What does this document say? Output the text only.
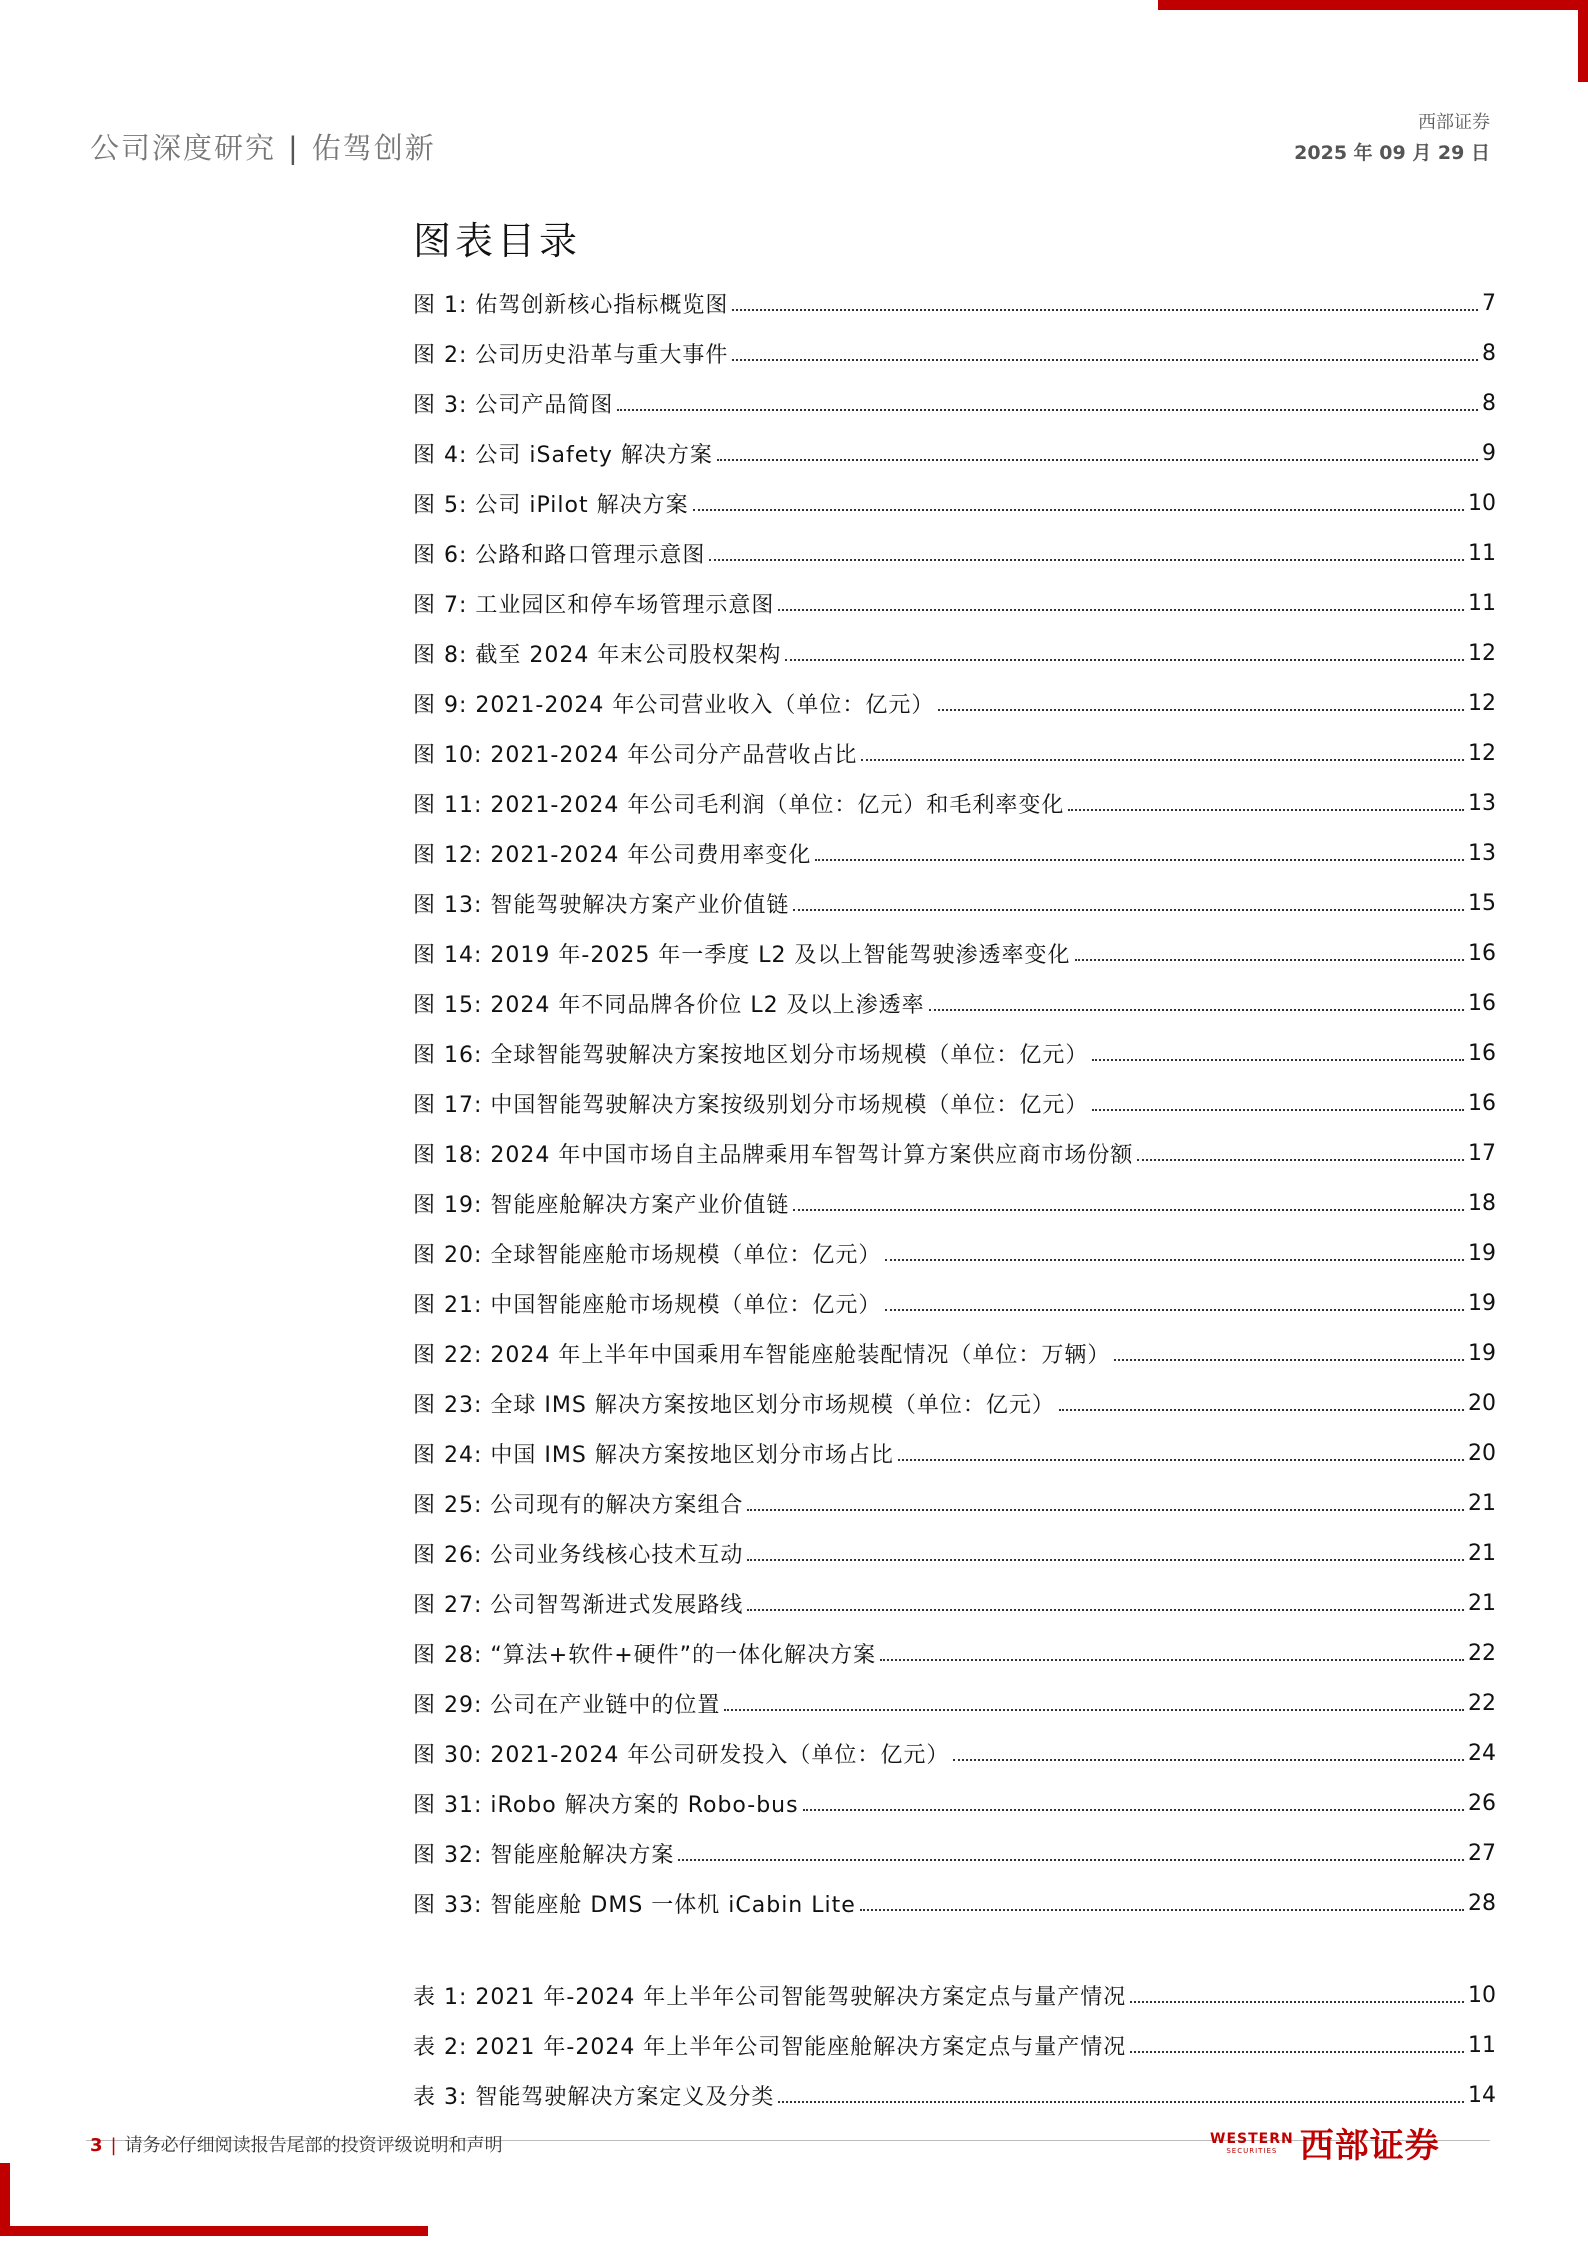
公司深度研究 | 佑驾创新
西部证券
2025 年 09 月 29 日
图表目录
图 1: 佑驾创新核心指标概览图	7
图 2: 公司历史沿革与重大事件	8
图 3: 公司产品简图	8
图 4: 公司 iSafety 解决方案	9
图 5: 公司 iPilot 解决方案	10
图 6: 公路和路口管理示意图	11
图 7: 工业园区和停车场管理示意图	11
图 8: 截至 2024 年末公司股权架构	12
图 9: 2021-2024 年公司营业收入（单位：亿元）	12
图 10: 2021-2024 年公司分产品营收占比	12
图 11: 2021-2024 年公司毛利润（单位：亿元）和毛利率变化	13
图 12: 2021-2024 年公司费用率变化	13
图 13: 智能驾驶解决方案产业价值链	15
图 14: 2019 年-2025 年一季度 L2 及以上智能驾驶渗透率变化	16
图 15: 2024 年不同品牌各价位 L2 及以上渗透率	16
图 16: 全球智能驾驶解决方案按地区划分市场规模（单位：亿元）	16
图 17: 中国智能驾驶解决方案按级别划分市场规模（单位：亿元）	16
图 18: 2024 年中国市场自主品牌乘用车智驾计算方案供应商市场份额	17
图 19: 智能座舱解决方案产业价值链	18
图 20: 全球智能座舱市场规模（单位：亿元）	19
图 21: 中国智能座舱市场规模（单位：亿元）	19
图 22: 2024 年上半年中国乘用车智能座舱装配情况（单位：万辆）	19
图 23: 全球 IMS 解决方案按地区划分市场规模（单位：亿元）	20
图 24: 中国 IMS 解决方案按地区划分市场占比	20
图 25: 公司现有的解决方案组合	21
图 26: 公司业务线核心技术互动	21
图 27: 公司智驾渐进式发展路线	21
图 28: “算法+软件+硬件”的一体化解决方案	22
图 29: 公司在产业链中的位置	22
图 30: 2021-2024 年公司研发投入（单位：亿元）	24
图 31: iRobo 解决方案的 Robo-bus	26
图 32: 智能座舱解决方案	27
图 33: 智能座舱 DMS 一体机 iCabin Lite	28
表 1: 2021 年-2024 年上半年公司智能驾驶解决方案定点与量产情况	10
表 2: 2021 年-2024 年上半年公司智能座舱解决方案定点与量产情况	11
表 3: 智能驾驶解决方案定义及分类	14
3 | 请务必仔细阅读报告尾部的投资评级说明和声明	WESTERN
SECURITIES 西部证券
